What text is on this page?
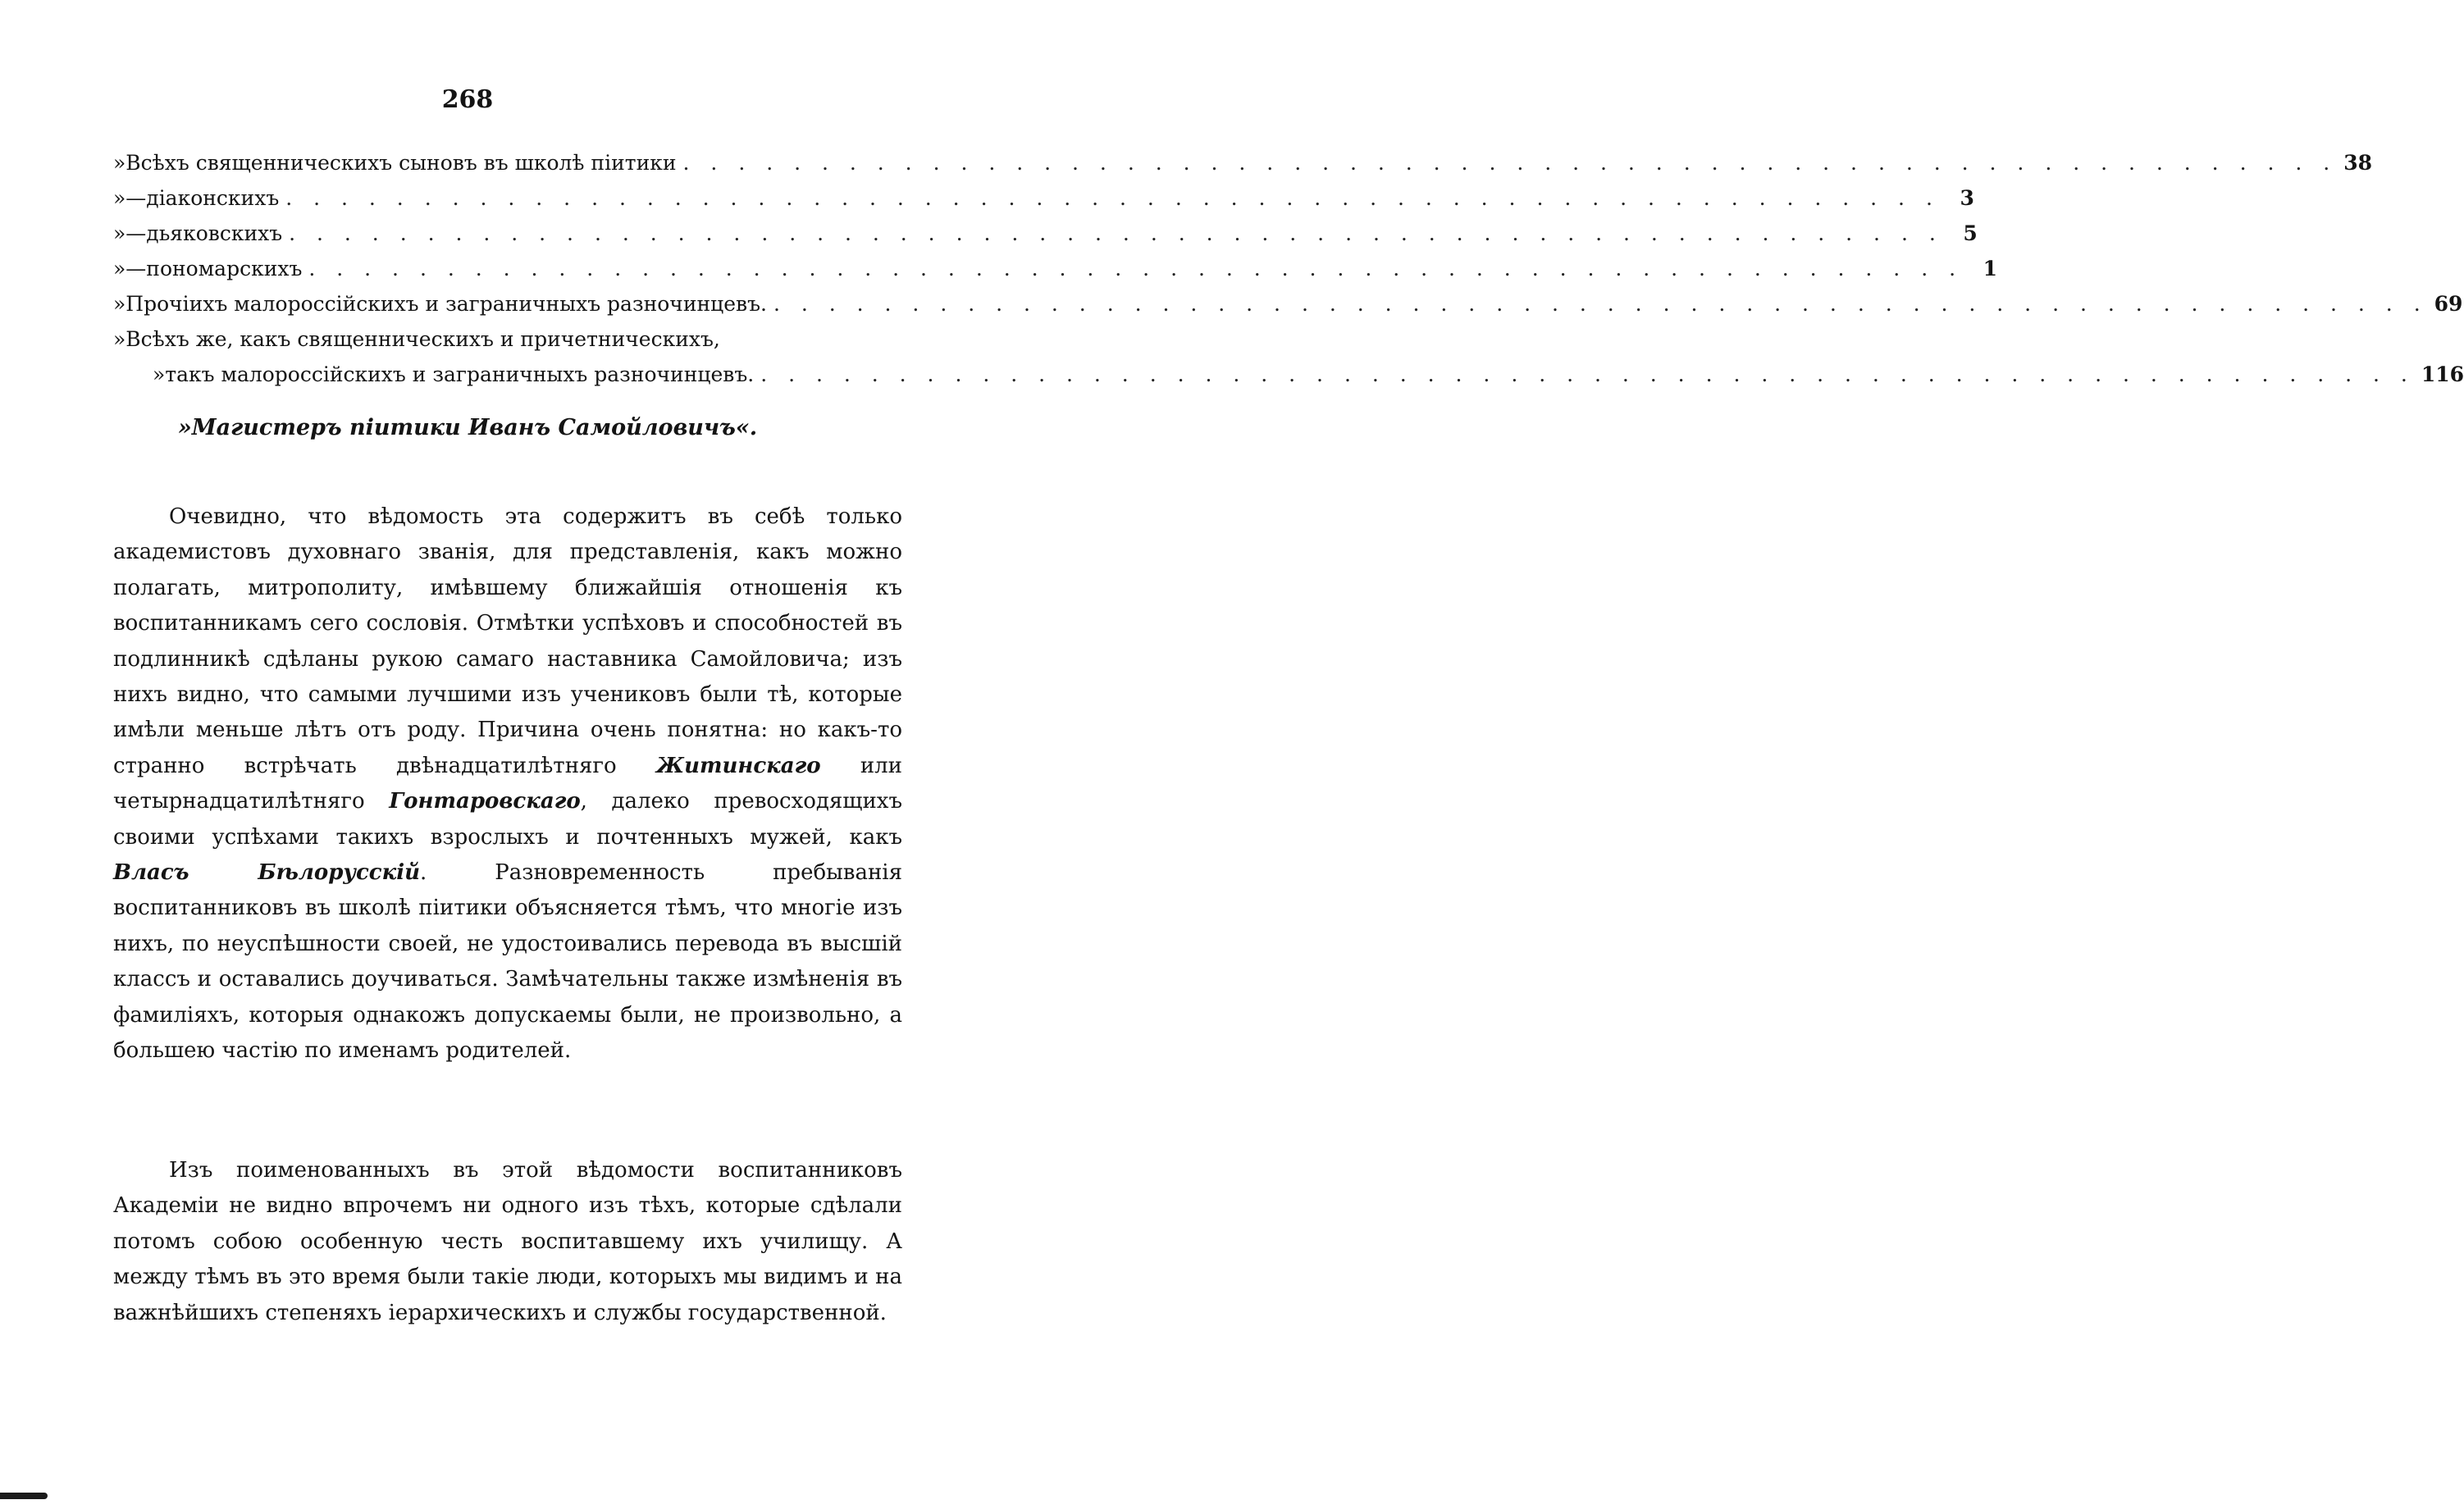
268
»Всѣхъ священническихъ сыновъ въ школѣ піитики . . . . . . . . . . . . . . . . . . . . . . . . . . . . . . . . . . . . . . . . . . . . . . . . . . . . . . . . . . . . 38
» — діаконскихъ . . . . . . . . . . . . . . . . . . . . . . . . . . . . . . . . . . . . . . . . . . . . . . . . . . . . . . . . . . . . 3
» — дьяковскихъ . . . . . . . . . . . . . . . . . . . . . . . . . . . . . . . . . . . . . . . . . . . . . . . . . . . . . . . . . . . . 5
» — пономарскихъ . . . . . . . . . . . . . . . . . . . . . . . . . . . . . . . . . . . . . . . . . . . . . . . . . . . . . . . . . . . . 1
»Прочіихъ малороссійскихъ и заграничныхъ разночинцевъ. . . . . . . . . . . . . . . . . . . . . . . . . . . . . . . . . . . . . . . . . . . . . . . . . . . . . . . . . . . . . 69
»Всѣхъ же, какъ священническихъ и причетническихъ,
»такъ малороссійскихъ и заграничныхъ разночинцевъ. . . . . . . . . . . . . . . . . . . . . . . . . . . . . . . . . . . . . . . . . . . . . . . . . . . . . . . . . . . . . 116
»Магистеръ піитики Иванъ Самойловичъ«.

Очевидно, что вѣдомость эта содержитъ въ себѣ только академистовъ духовнаго званія, для представленія, какъ можно полагать, митрополиту, имѣвшему ближайшія отношенія къ воспитанникамъ сего сословія. Отмѣтки успѣховъ и способностей въ подлинникѣ сдѣланы рукою самаго наставника Самойловича; изъ нихъ видно, что самыми лучшими изъ учениковъ были тѣ, которые имѣли меньше лѣтъ отъ роду. Причина очень понятна: но какъ-то странно встрѣчать двѣнадцатилѣтняго Житинскаго или четырнадцатилѣтняго Гонтаровскаго, далеко превосходящихъ своими успѣхами такихъ взрослыхъ и почтенныхъ мужей, какъ Власъ Бѣлорусскій. Разновременность пребыванія воспитанниковъ въ школѣ піитики объясняется тѣмъ, что многіе изъ нихъ, по неуспѣшности своей, не удостоивались перевода въ высшій классъ и оставались доучиваться. Замѣчательны также измѣненія въ фамиліяхъ, которыя однакожъ допускаемы были, не произвольно, а большею частію по именамъ родителей.

Изъ поименованныхъ въ этой вѣдомости воспитанниковъ Академіи не видно впрочемъ ни одного изъ тѣхъ, которые сдѣлали потомъ собою особенную честь воспитавшему ихъ училищу. А между тѣмъ въ это время были такіе люди, которыхъ мы видимъ и на важнѣйшихъ степеняхъ іерархическихъ и службы государственной.
